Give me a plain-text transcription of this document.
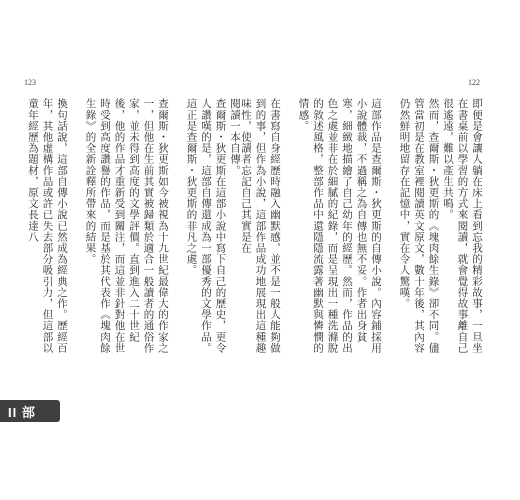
123	122

即便是會讓人躺在床上看到忘我的精彩故事，一旦坐在書桌前以學習的方式來閱讀，就會覺得故事離自己很遙遠，難以產生共鳴。

然而，查爾斯・狄更斯的《塊肉餘生錄》卻不同。儘管當初是在教室裡閱讀英文原文，數十年後，其內容仍然鮮明地留存在記憶中，實在令人驚嘆。

這部作品是查爾斯・狄更斯的自傳小說。內容鋪採用小說體裁，不過稱之為自傳也無不妥。作者出身貧寒，細緻地描繪了自己幼年的經歷。然而，作品的出色之處並非在於細膩的紀錄，而是呈現出一種洗滌脫的敘述風格，整部作品中還隱隱流露著幽默與憐憫的情感。

在書寫自身經歷時融入幽默感，並不是一般人能夠做到的事，但作為小說，這部作品成功地展現出這種趣味性，使讀者忘記自己其實是在

閱讀一本自傳。

查爾斯・狄更斯在這部小說中寫下自己的歷史，更令人讚嘆的是，這部自傳還成為一部優秀的文學作品。這正是查爾斯・狄更斯的非凡之處。

查爾斯・狄更斯如今被視為十九世紀最偉大的作家之一，但他在生前其實被歸類於適合一般讀者的通俗作家，並未得到高度的文學評價。直到進入二十世紀後，他的作品才重新受到關注，而這並非針對他在世時受到高度讚譽的作品，而是基於其代表作《塊肉餘生錄》的全新詮釋所帶來的結果。

換句話說，這部自傳小說已然成為經典之作。歷經百年，其他虛構作品或許已失去部分吸引力，但這部以童年經歷為題材，原文長達八

II 部
